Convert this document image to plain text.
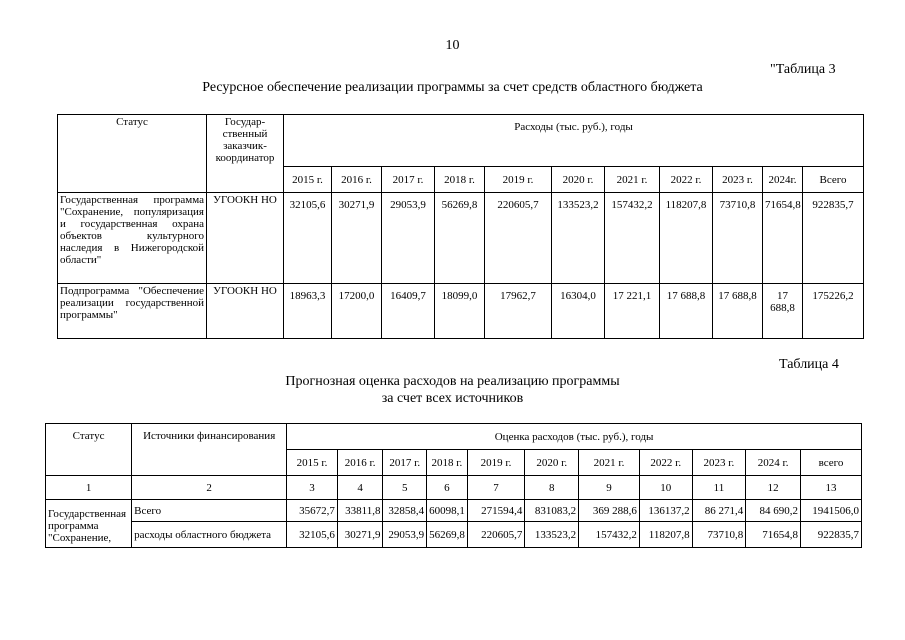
10
"Таблица 3
Ресурсное обеспечение реализации программы за счет средств областного бюджета
Статус	Государ-ственный заказчик-координатор	Расходы (тыс. руб.), годы										
		2015 г.	2016 г.	2017 г.	2018 г.	2019 г.	2020 г.	2021 г.	2022 г.	2023 г.	2024г.	Всего
Государственная программа "Сохранение, популяризация и государственная охрана объектов культурного наследия в Нижегородской области"	УГООКН НО	32105,6	30271,9	29053,9	56269,8	220605,7	133523,2	157432,2	118207,8	73710,8	71654,8	922835,7
Подпрограмма "Обеспечение реализации государственной программы"	УГООКН НО	18963,3	17200,0	16409,7	18099,0	17962,7	16304,0	17 221,1	17 688,8	17 688,8	17 688,8	175226,2
Таблица 4
Прогнозная оценка расходов на реализацию программы
за счет всех источников
Статус	Источники финансирования	Оценка расходов (тыс. руб.), годы										
		2015 г.	2016 г.	2017 г.	2018 г.	2019 г.	2020 г.	2021 г.	2022 г.	2023 г.	2024 г.	всего
1	2	3	4	5	6	7	8	9	10	11	12	13
Государственная программа "Сохранение,	Всего	35672,7	33811,8	32858,4	60098,1	271594,4	831083,2	369 288,6	136137,2	86 271,4	84 690,2	1941506,0
	расходы областного бюджета	32105,6	30271,9	29053,9	56269,8	220605,7	133523,2	157432,2	118207,8	73710,8	71654,8	922835,7
